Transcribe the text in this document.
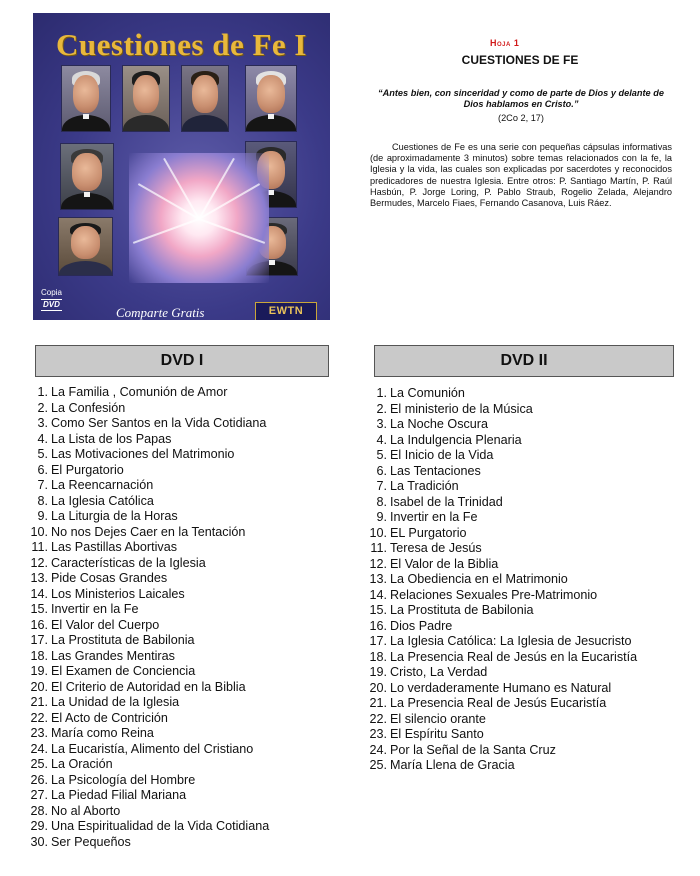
Cuestiones de Fe I
Copia
DVD
Comparte Gratis	EWTN
Hoja 1
CUESTIONES DE FE
“Antes bien, con sinceridad y como de parte de Dios y delante de Dios hablamos en Cristo.”
(2Co 2, 17)
Cuestiones de Fe es una serie con pequeñas cápsulas informativas (de aproximadamente 3 minutos) sobre temas relacionados con la fe, la Iglesia y la vida, las cuales son explicadas por sacerdotes y reconocidos predicadores de nuestra Iglesia. Entre otros: P. Santiago Martín, P. Raúl Hasbún, P. Jorge Loring, P. Pablo Straub, Rogelio Zelada, Alejandro Bermudes, Marcelo Fiaes, Fernando Casanova, Luis Ráez.
DVD I
1. La Familia , Comunión de Amor
2. La Confesión
3. Como Ser Santos en la Vida Cotidiana
4. La Lista de los Papas
5. Las Motivaciones del Matrimonio
6. El Purgatorio
7. La Reencarnación
8. La Iglesia Católica
9. La Liturgia de la Horas
10. No nos Dejes Caer en la Tentación
11. Las Pastillas Abortivas
12. Características de la Iglesia
13. Pide Cosas Grandes
14. Los Ministerios Laicales
15. Invertir en la Fe
16. El Valor del Cuerpo
17. La Prostituta de Babilonia
18. Las Grandes Mentiras
19. El Examen de Conciencia
20. El Criterio de Autoridad en la Biblia
21. La Unidad de la Iglesia
22. El Acto de Contrición
23. María como Reina
24. La Eucaristía, Alimento del Cristiano
25. La Oración
26. La Psicología del Hombre
27. La Piedad Filial Mariana
28. No al Aborto
29. Una Espiritualidad de la Vida Cotidiana
30. Ser Pequeños
DVD II
1. La Comunión
2. El ministerio de la Música
3. La Noche Oscura
4. La Indulgencia Plenaria
5. El Inicio de la Vida
6. Las Tentaciones
7. La Tradición
8. Isabel de la Trinidad
9. Invertir en la Fe
10. EL Purgatorio
11. Teresa de Jesús
12. El Valor de la Biblia
13. La Obediencia en el Matrimonio
14. Relaciones Sexuales Pre-Matrimonio
15. La Prostituta de Babilonia
16. Dios Padre
17. La Iglesia Católica: La Iglesia de Jesucristo
18. La Presencia Real de Jesús en la Eucaristía
19. Cristo, La Verdad
20. Lo verdaderamente Humano es Natural
21. La Presencia Real de Jesús Eucaristía
22. El silencio orante
23. El Espíritu Santo
24. Por la Señal de la Santa Cruz
25. María Llena de Gracia
